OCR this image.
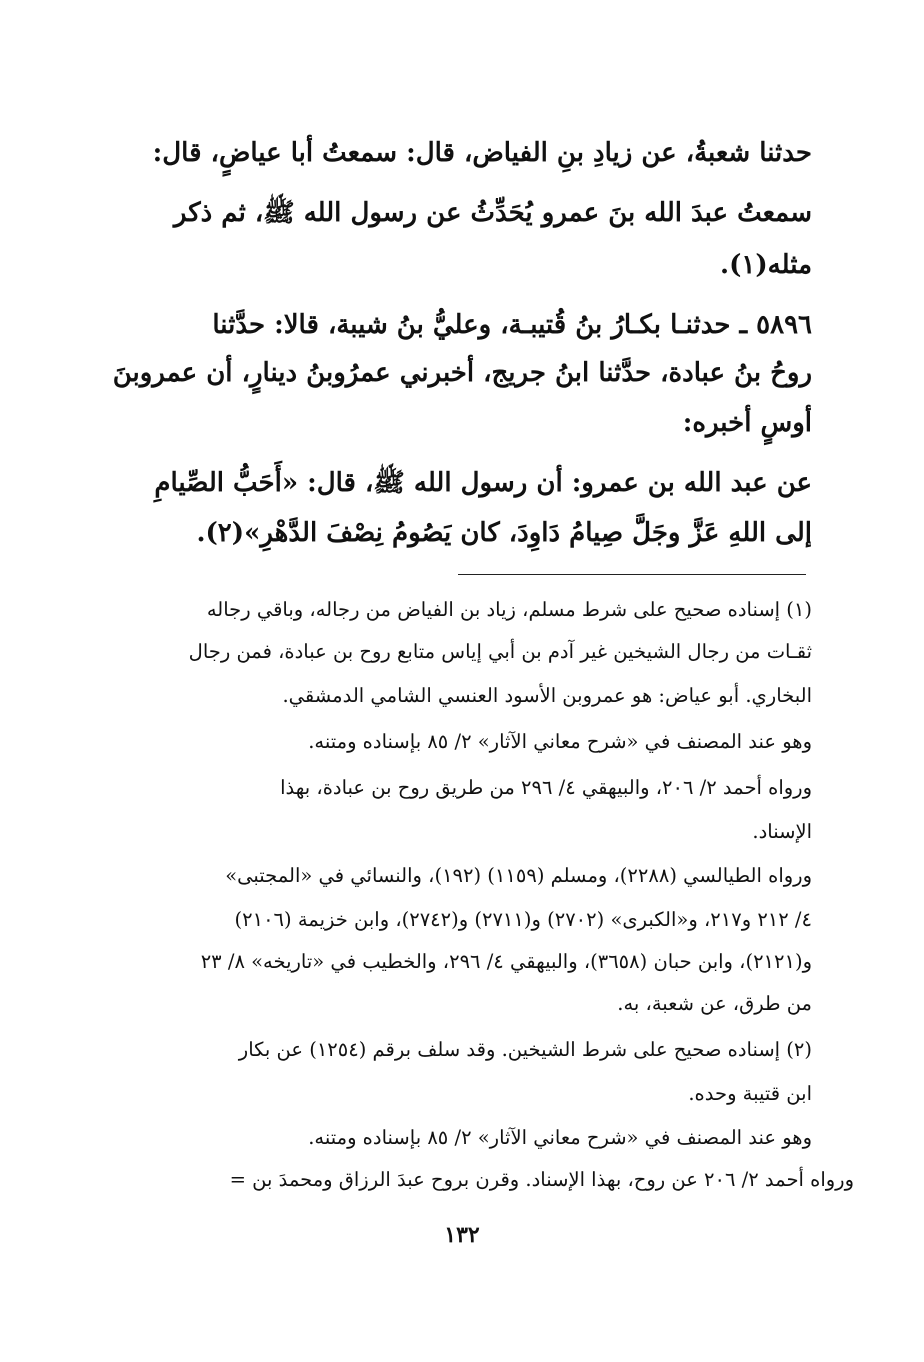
حدثنا شعبةُ، عن زيادِ بنِ الفياض، قال: سمعتُ أبا عياضٍ، قال:
سمعتُ عبدَ الله بنَ عمرو يُحَدِّثُ عن رسول الله ﷺ، ثم ذكر
مثله(١).
٥٨٩٦ ـ حدثنـا بكـارُ بنُ قُتيبـة، وعليُّ بنُ شيبة، قالا: حدَّثنا
روحُ بنُ عبادة، حدَّثنا ابنُ جريج، أخبرني عمرُوبنُ دينارٍ، أن عمروبنَ
أوسٍ أخبره:
عن عبد الله بن عمرو: أن رسول الله ﷺ، قال: «أَحَبُّ الصِّيامِ
إلى اللهِ عَزَّ وجَلَّ صِيامُ دَاوِدَ، كان يَصُومُ نِصْفَ الدَّهْرِ»(٢).
(١) إسناده صحيح على شرط مسلم، زياد بن الفياض من رجاله، وباقي رجاله
ثقـات من رجال الشيخين غير آدم بن أبي إياس متابع روح بن عبادة، فمن رجال
البخاري. أبو عياض: هو عمروبن الأسود العنسي الشامي الدمشقي.
وهو عند المصنف في «شرح معاني الآثار» ٢/ ٨٥ بإسناده ومتنه.
ورواه أحمد ٢/ ٢٠٦، والبيهقي ٤/ ٢٩٦ من طريق روح بن عبادة، بهذا
الإسناد.
ورواه الطيالسي (٢٢٨٨)، ومسلم (١١٥٩) (١٩٢)، والنسائي في «المجتبى»
٤/ ٢١٢ و٢١٧، و«الكبرى» (٢٧٠٢) و(٢٧١١) و(٢٧٤٢)، وابن خزيمة (٢١٠٦)
و(٢١٢١)، وابن حبان (٣٦٥٨)، والبيهقي ٤/ ٢٩٦، والخطيب في «تاريخه» ٨/ ٢٣
من طرق، عن شعبة، به.
(٢) إسناده صحيح على شرط الشيخين. وقد سلف برقم (١٢٥٤) عن بكار
ابن قتيبة وحده.
وهو عند المصنف في «شرح معاني الآثار» ٢/ ٨٥ بإسناده ومتنه.
ورواه أحمد ٢/ ٢٠٦ عن روح، بهذا الإسناد. وقرن بروح عبدَ الرزاق ومحمدَ بن =
١٣٢
